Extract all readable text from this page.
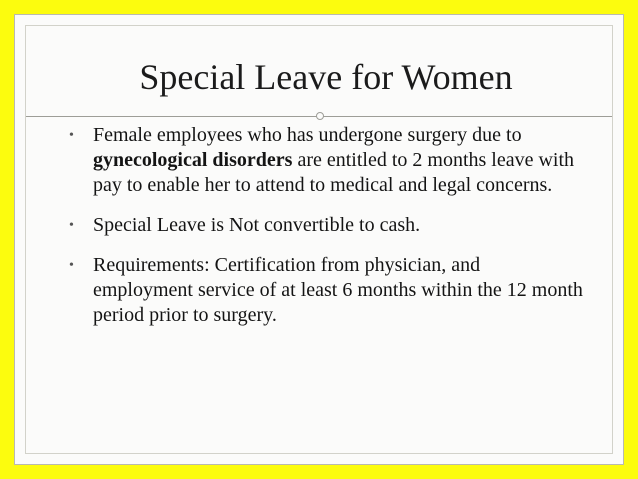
Special Leave for Women
• Female employees who has undergone surgery due to gynecological disorders are entitled to 2 months leave with pay to enable her to attend to medical and legal concerns.
• Special Leave is Not convertible to cash.
• Requirements: Certification from physician, and employment service of at least 6 months within the 12 month period prior to surgery.
